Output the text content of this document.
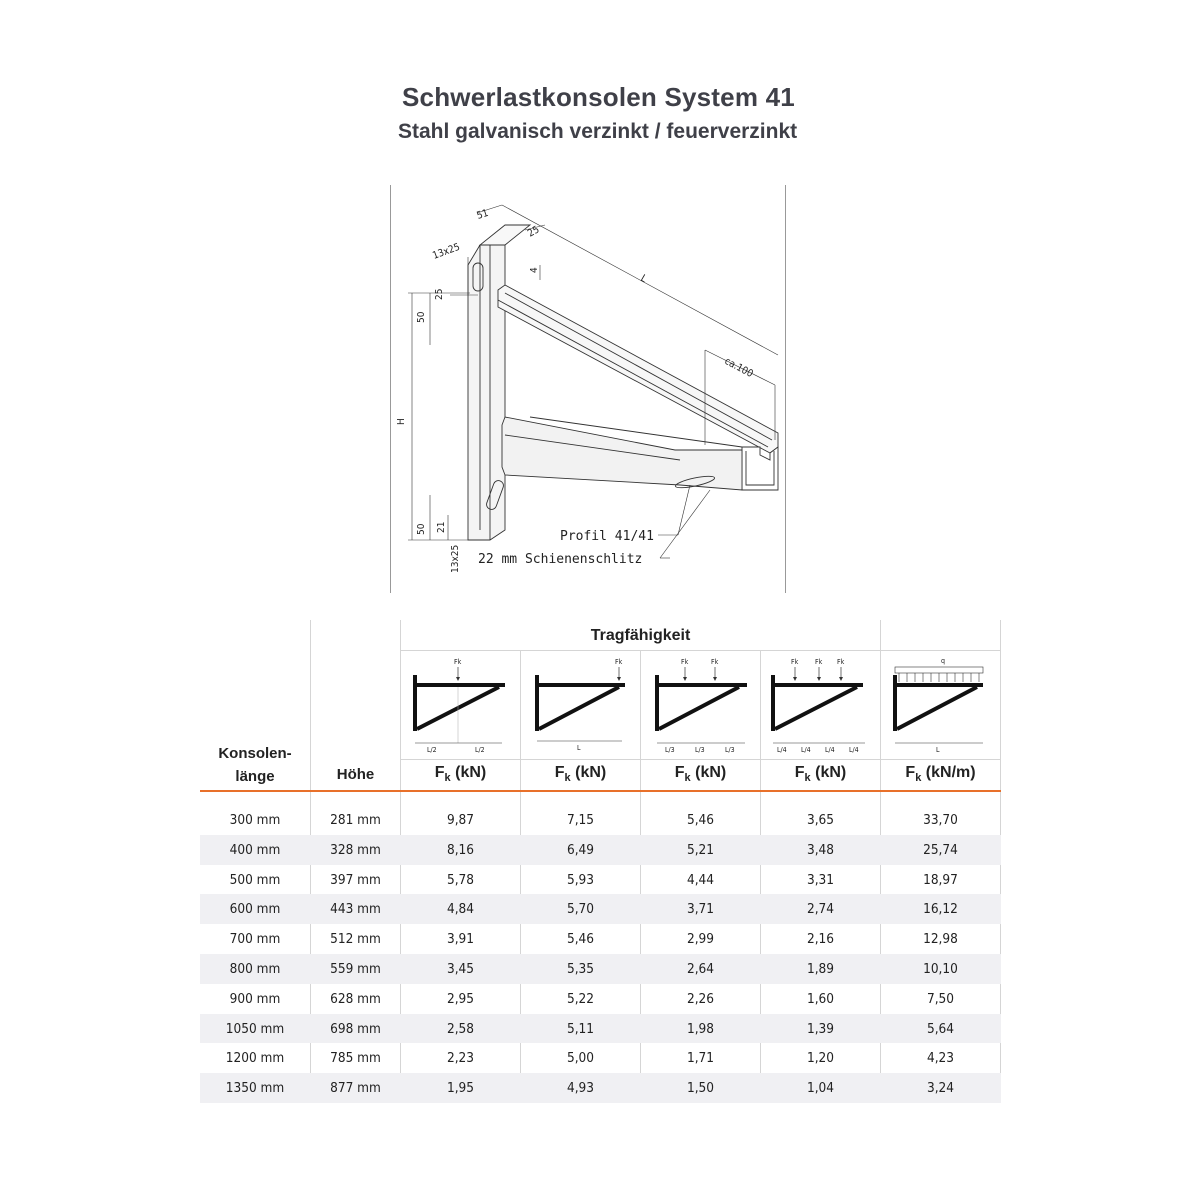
Schwerlastkonsolen System 41
Stahl galvanisch verzinkt / feuerverzinkt
51
25
13x25
4
L
25
50
H
ca.100
50 21
13x25
Profil 41/41
22 mm Schienenschlitz
Tragfähigkeit
Konsolen-
länge	Höhe
Fk
L/2	L/2
Fk
L
Fk	Fk
L/3	L/3	L/3
Fk Fk Fk
L/4 L/4 L/4 L/4
q
L
$F_k$ (kN)	$F_k$ (kN)	$F_k$ (kN)	$F_k$ (kN)	$F_k$ (kN/m)
300 mm	281 mm	9,87	7,15	5,46	3,65	33,70
400 mm	328 mm	8,16	6,49	5,21	3,48	25,74
500 mm	397 mm	5,78	5,93	4,44	3,31	18,97
600 mm	443 mm	4,84	5,70	3,71	2,74	16,12
700 mm	512 mm	3,91	5,46	2,99	2,16	12,98
800 mm	559 mm	3,45	5,35	2,64	1,89	10,10
900 mm	628 mm	2,95	5,22	2,26	1,60	7,50
1050 mm	698 mm	2,58	5,11	1,98	1,39	5,64
1200 mm	785 mm	2,23	5,00	1,71	1,20	4,23
1350 mm	877 mm	1,95	4,93	1,50	1,04	3,24
